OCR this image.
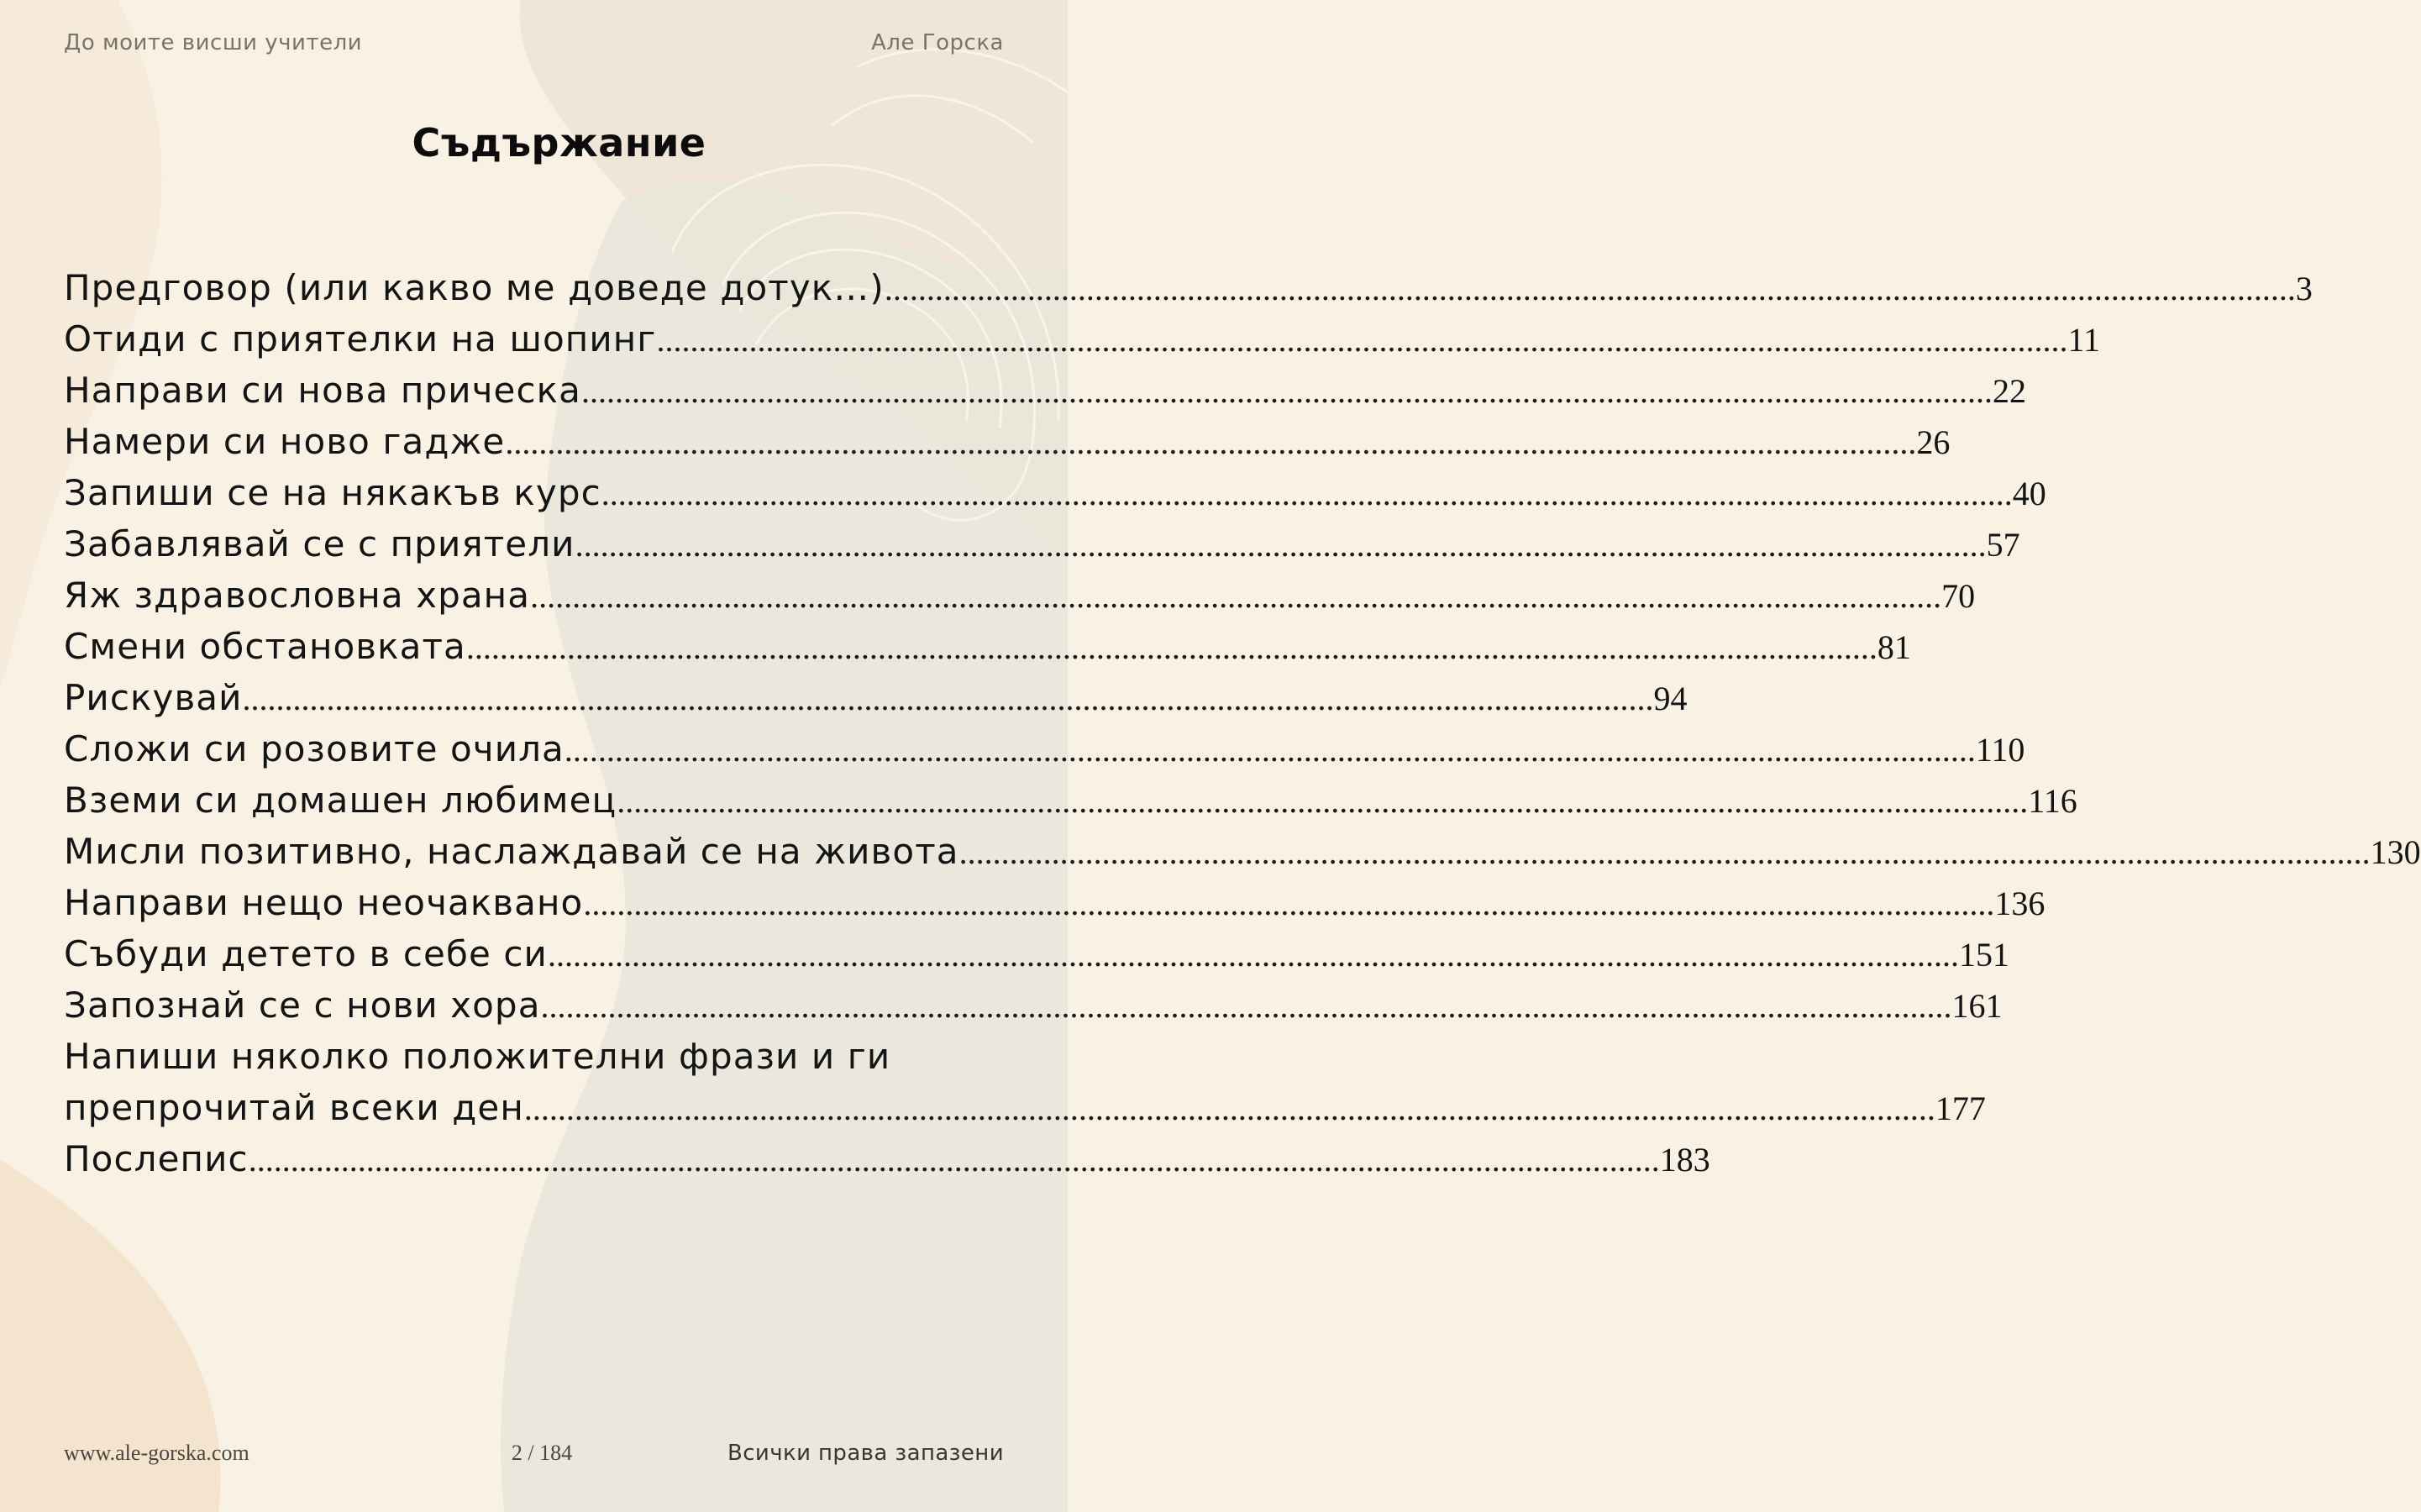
До моите висши учители	Але Горска
Съдържание
Предговор (или какво ме доведе дотук…) .....	3
Отиди с приятелки на шопинг .....	11
Направи си нова прическа .....	22
Намери си ново гадже .....	26
Запиши се на някакъв курс .....	40
Забавлявай се с приятели .....	57
Яж здравословна храна .....	70
Смени обстановката .....	81
Рискувай .....	94
Сложи си розовите очила .....	110
Вземи си домашен любимец .....	116
Мисли позитивно, наслаждавай се на живота .....	130
Направи нещо неочаквано .....	136
Събуди детето в себе си .....	151
Запознай се с нови хора .....	161
Напиши няколко положителни фрази и ги
препрочитай всеки ден .....	177
Послепис .....	183
www.ale-gorska.com	2 / 184	Всички права запазени
